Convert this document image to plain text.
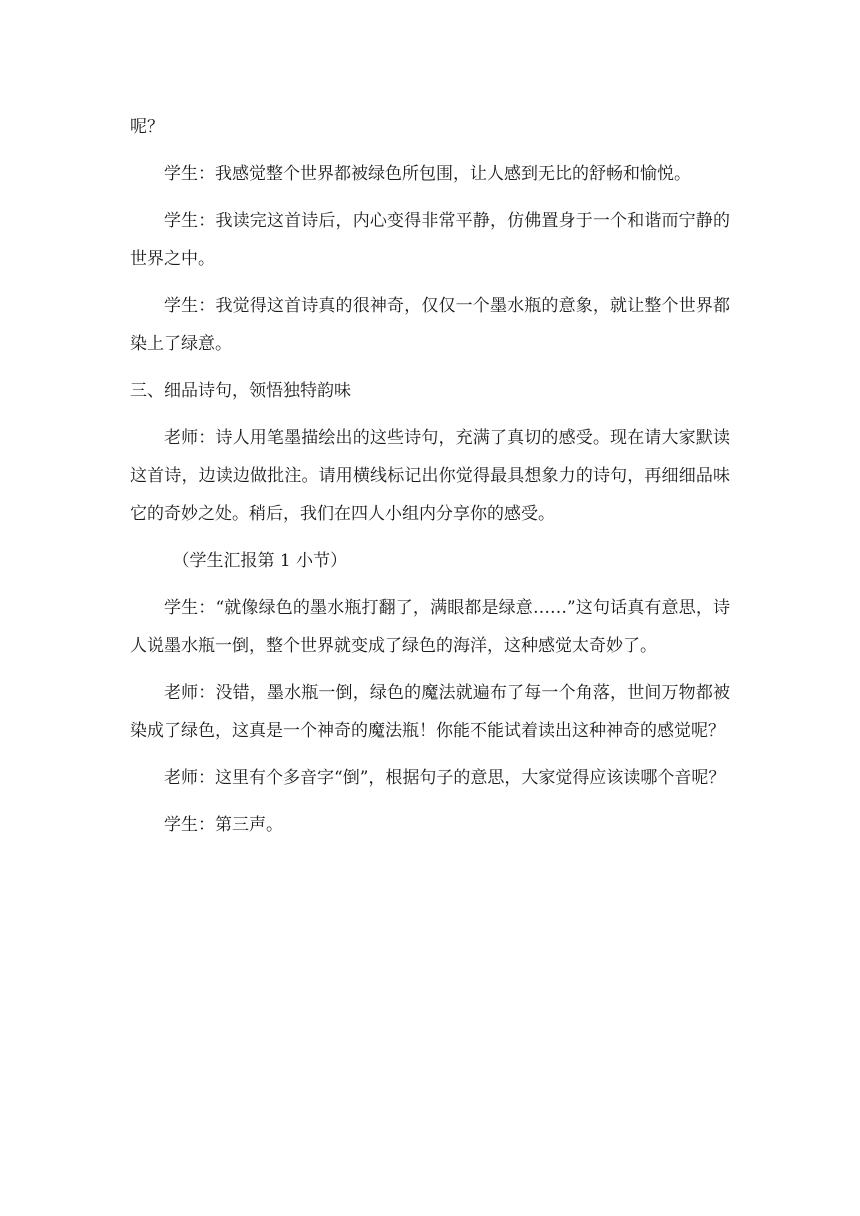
呢？

学生：我感觉整个世界都被绿色所包围，让人感到无比的舒畅和愉悦。

学生：我读完这首诗后，内心变得非常平静，仿佛置身于一个和谐而宁静的世界之中。

学生：我觉得这首诗真的很神奇，仅仅一个墨水瓶的意象，就让整个世界都染上了绿意。

三、细品诗句，领悟独特韵味

老师：诗人用笔墨描绘出的这些诗句，充满了真切的感受。现在请大家默读这首诗，边读边做批注。请用横线标记出你觉得最具想象力的诗句，再细细品味它的奇妙之处。稍后，我们在四人小组内分享你的感受。

（学生汇报第 1 小节）

学生：“就像绿色的墨水瓶打翻了，满眼都是绿意……”这句话真有意思，诗人说墨水瓶一倒，整个世界就变成了绿色的海洋，这种感觉太奇妙了。

老师：没错，墨水瓶一倒，绿色的魔法就遍布了每一个角落，世间万物都被染成了绿色，这真是一个神奇的魔法瓶！你能不能试着读出这种神奇的感觉呢？

老师：这里有个多音字“倒”，根据句子的意思，大家觉得应该读哪个音呢？

学生：第三声。
